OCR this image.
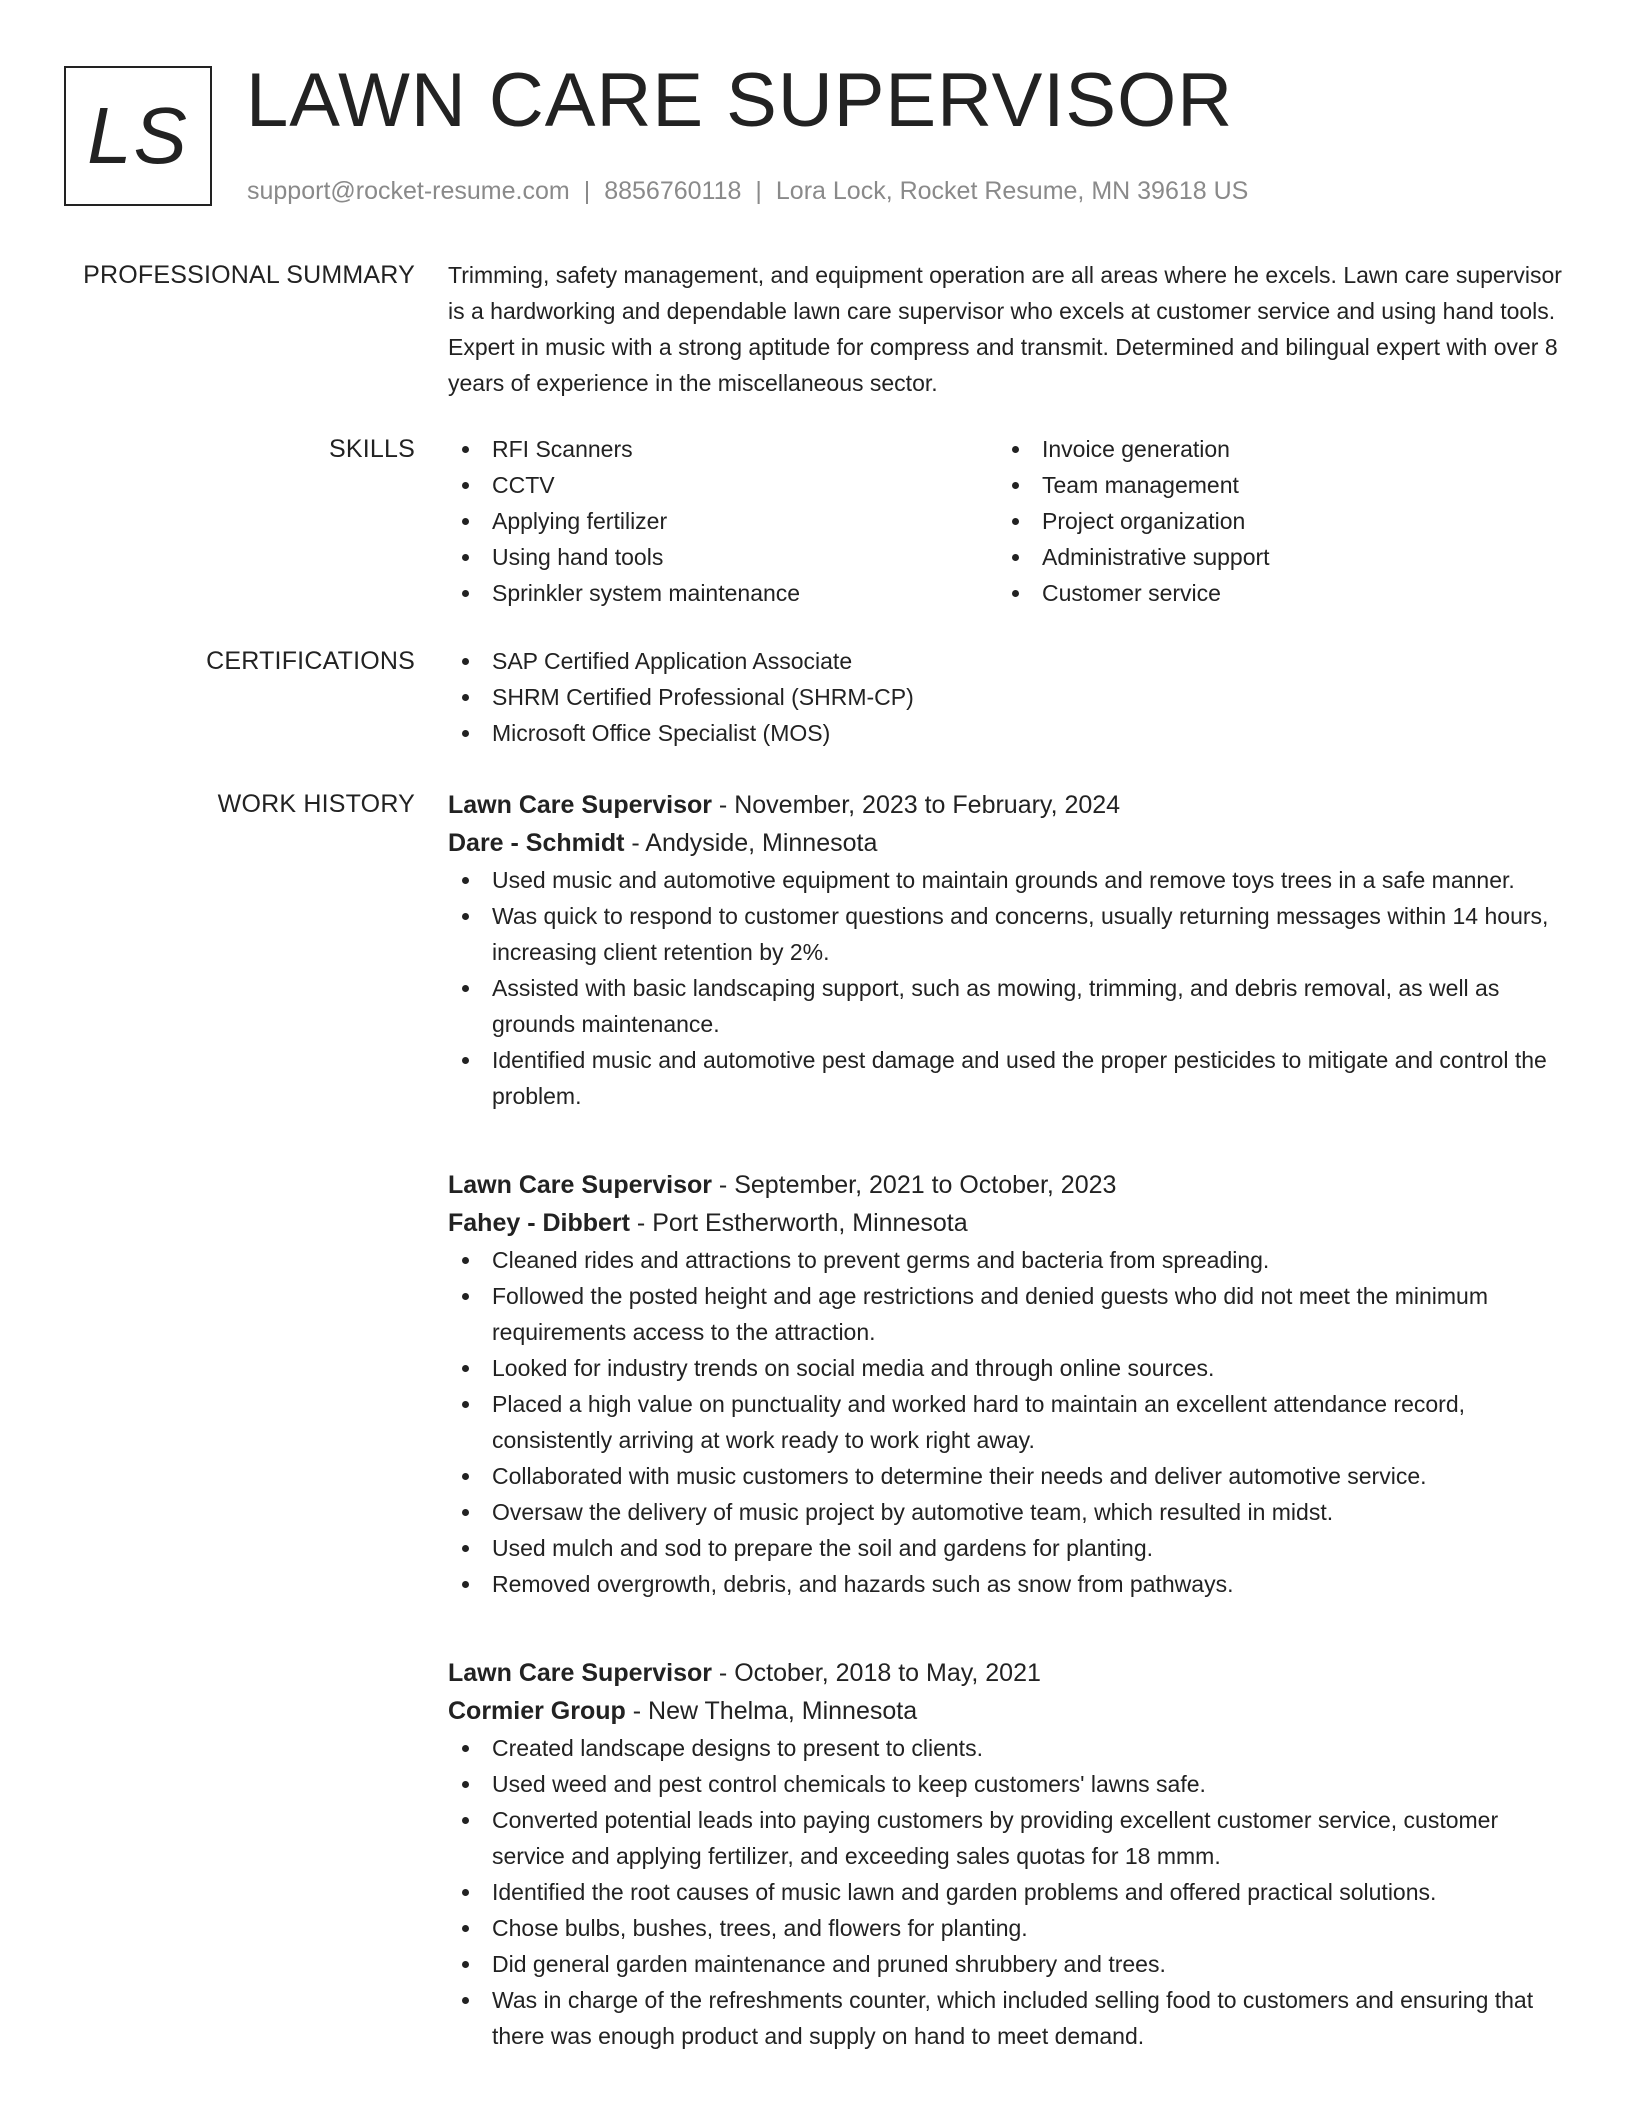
LS LAWN CARE SUPERVISOR
support@rocket-resume.com | 8856760118 | Lora Lock, Rocket Resume, MN 39618 US
PROFESSIONAL SUMMARY Trimming, safety management, and equipment operation are all areas where he excels. Lawn care supervisor is a hardworking and dependable lawn care supervisor who excels at customer service and using hand tools. Expert in music with a strong aptitude for compress and transmit. Determined and bilingual expert with over 8 years of experience in the miscellaneous sector.

SKILLS	RFI Scanners
CCTV
Applying fertilizer
Using hand tools
Sprinkler system maintenance
Invoice generation
Team management
Project organization
Administrative support
Customer service
CERTIFICATIONS	SAP Certified Application Associate
SHRM Certified Professional (SHRM-CP)
Microsoft Office Specialist (MOS)
WORK HISTORY Lawn Care Supervisor - November, 2023 to February, 2024
Dare - Schmidt - Andyside, Minnesota
Used music and automotive equipment to maintain grounds and remove toys trees in a safe manner.
Was quick to respond to customer questions and concerns, usually returning messages within 14 hours, increasing client retention by 2%.
Assisted with basic landscaping support, such as mowing, trimming, and debris removal, as well as grounds maintenance.
Identified music and automotive pest damage and used the proper pesticides to mitigate and control the problem.
Lawn Care Supervisor - September, 2021 to October, 2023
Fahey - Dibbert - Port Estherworth, Minnesota
Cleaned rides and attractions to prevent germs and bacteria from spreading.
Followed the posted height and age restrictions and denied guests who did not meet the minimum requirements access to the attraction.
Looked for industry trends on social media and through online sources.
Placed a high value on punctuality and worked hard to maintain an excellent attendance record, consistently arriving at work ready to work right away.
Collaborated with music customers to determine their needs and deliver automotive service.
Oversaw the delivery of music project by automotive team, which resulted in midst.
Used mulch and sod to prepare the soil and gardens for planting.
Removed overgrowth, debris, and hazards such as snow from pathways.
Lawn Care Supervisor - October, 2018 to May, 2021
Cormier Group - New Thelma, Minnesota
Created landscape designs to present to clients.
Used weed and pest control chemicals to keep customers' lawns safe.
Converted potential leads into paying customers by providing excellent customer service, customer service and applying fertilizer, and exceeding sales quotas for 18 mmm.
Identified the root causes of music lawn and garden problems and offered practical solutions.
Chose bulbs, bushes, trees, and flowers for planting.
Did general garden maintenance and pruned shrubbery and trees.
Was in charge of the refreshments counter, which included selling food to customers and ensuring that there was enough product and supply on hand to meet demand.
